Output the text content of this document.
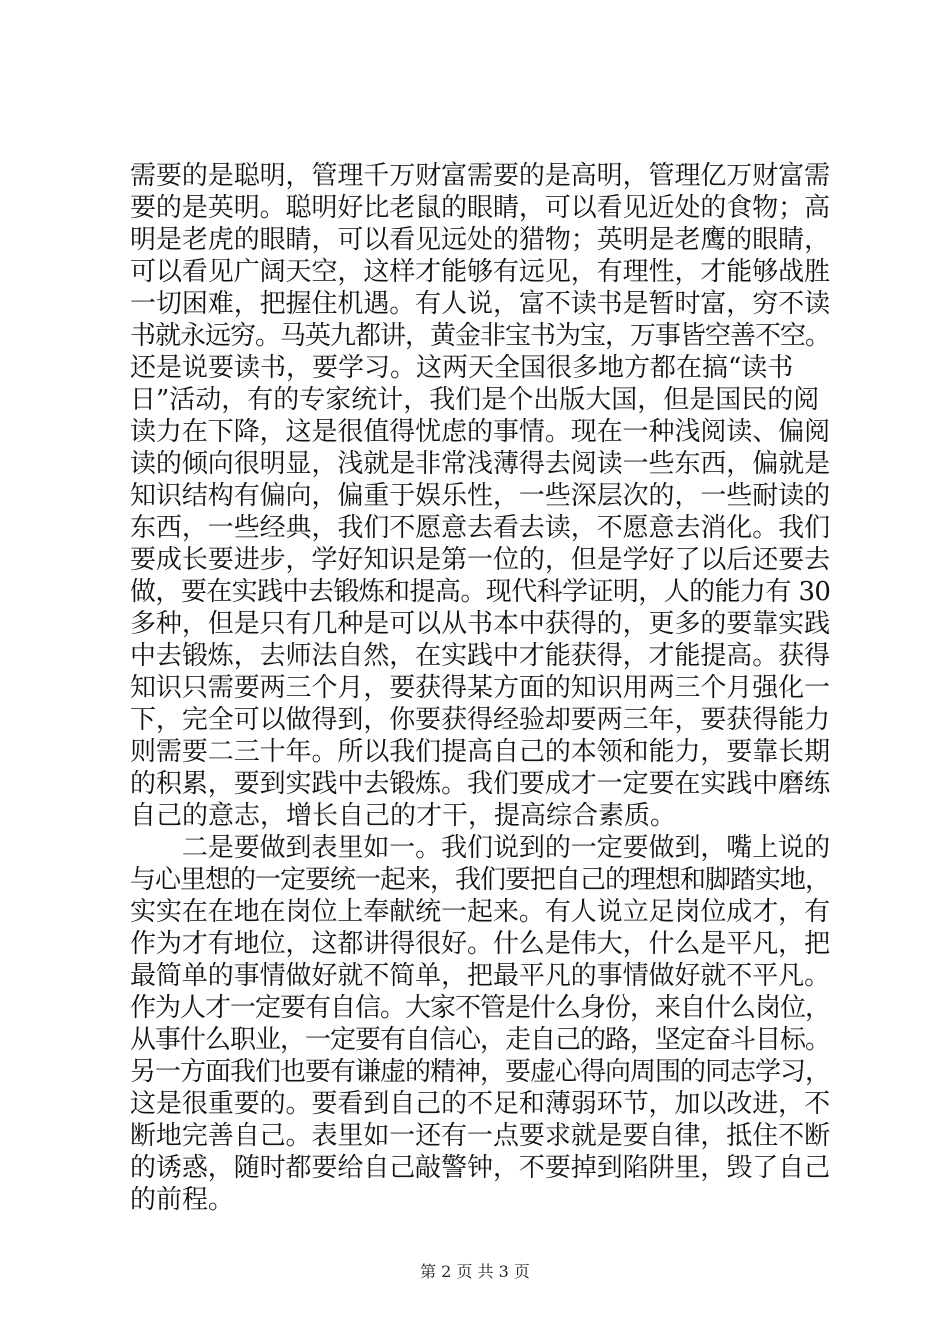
需要的是聪明，管理千万财富需要的是高明，管理亿万财富需
要的是英明。聪明好比老鼠的眼睛，可以看见近处的食物；高
明是老虎的眼睛，可以看见远处的猎物；英明是老鹰的眼睛，
可以看见广阔天空，这样才能够有远见，有理性，才能够战胜
一切困难，把握住机遇。有人说，富不读书是暂时富，穷不读
书就永远穷。马英九都讲，黄金非宝书为宝，万事皆空善不空。
还是说要读书，要学习。这两天全国很多地方都在搞“读书
日”活动，有的专家统计，我们是个出版大国，但是国民的阅
读力在下降，这是很值得忧虑的事情。现在一种浅阅读、偏阅
读的倾向很明显，浅就是非常浅薄得去阅读一些东西，偏就是
知识结构有偏向，偏重于娱乐性，一些深层次的，一些耐读的
东西，一些经典，我们不愿意去看去读，不愿意去消化。我们
要成长要进步，学好知识是第一位的，但是学好了以后还要去
做，要在实践中去锻炼和提高。现代科学证明，人的能力有 30
多种，但是只有几种是可以从书本中获得的，更多的要靠实践
中去锻炼，去师法自然，在实践中才能获得，才能提高。获得
知识只需要两三个月，要获得某方面的知识用两三个月强化一
下，完全可以做得到，你要获得经验却要两三年，要获得能力
则需要二三十年。所以我们提高自己的本领和能力，要靠长期
的积累，要到实践中去锻炼。我们要成才一定要在实践中磨练
自己的意志，增长自己的才干，提高综合素质。
　　二是要做到表里如一。我们说到的一定要做到，嘴上说的
与心里想的一定要统一起来，我们要把自己的理想和脚踏实地，
实实在在地在岗位上奉献统一起来。有人说立足岗位成才，有
作为才有地位，这都讲得很好。什么是伟大，什么是平凡，把
最简单的事情做好就不简单，把最平凡的事情做好就不平凡。
作为人才一定要有自信。大家不管是什么身份，来自什么岗位，
从事什么职业，一定要有自信心，走自己的路，坚定奋斗目标。
另一方面我们也要有谦虚的精神，要虚心得向周围的同志学习，
这是很重要的。要看到自己的不足和薄弱环节，加以改进，不
断地完善自己。表里如一还有一点要求就是要自律，抵住不断
的诱惑，随时都要给自己敲警钟，不要掉到陷阱里，毁了自己
的前程。
第 2 页 共 3 页
